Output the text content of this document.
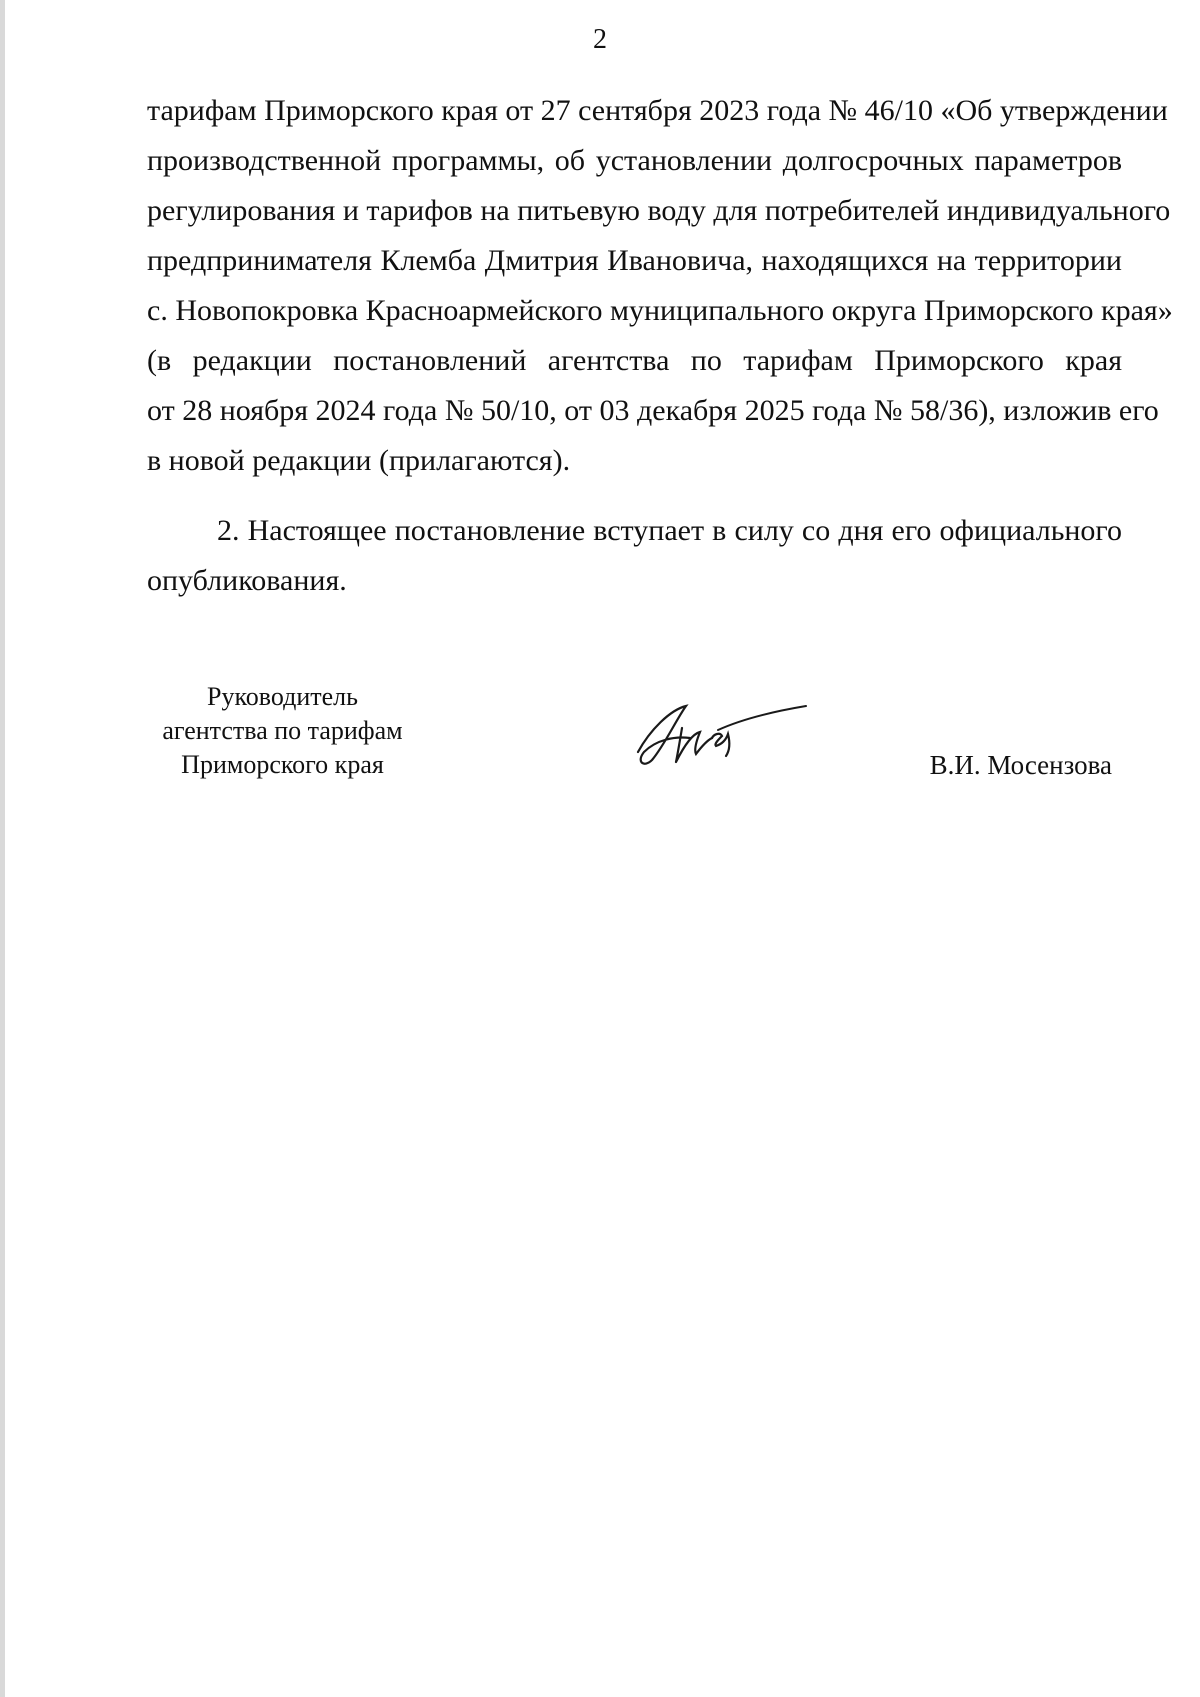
2
тарифам Приморского края от 27 сентября 2023 года № 46/10 «Об утверждении
производственной программы, об установлении долгосрочных параметров
регулирования и тарифов на питьевую воду для потребителей индивидуального
предпринимателя Клемба Дмитрия Ивановича, находящихся на территории
с. Новопокровка Красноармейского муниципального округа Приморского края»
(в редакции постановлений агентства по тарифам Приморского края
от 28 ноября 2024 года № 50/10, от 03 декабря 2025 года № 58/36), изложив его
в новой редакции (прилагаются).
2. Настоящее постановление вступает в силу со дня его официального
опубликования.
Руководитель
агентства по тарифам
Приморского края	В.И. Мосензова
